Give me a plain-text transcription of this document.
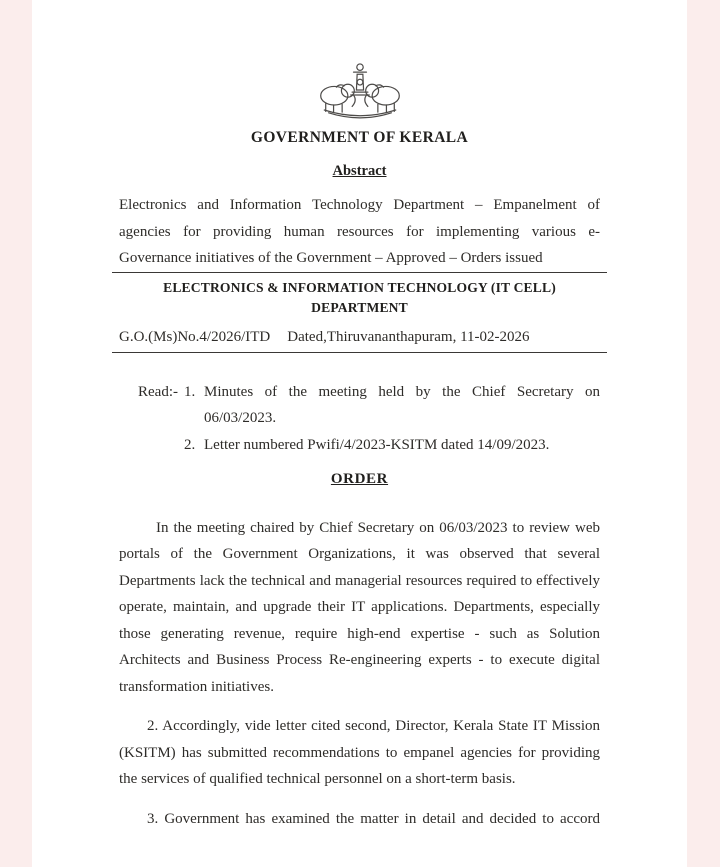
GOVERNMENT OF KERALA
Abstract

Electronics and Information Technology Department – Empanelment of agencies for providing human resources for implementing various e-Governance initiatives of the Government – Approved – Orders issued

ELECTRONICS & INFORMATION TECHNOLOGY (IT CELL) DEPARTMENT

G.O.(Ms)No.4/2026/ITD Dated,Thiruvananthapuram, 11-02-2026

Read:- 1. Minutes of the meeting held by the Chief Secretary on 06/03/2023.
2. Letter numbered Pwifi/4/2023-KSITM dated 14/09/2023.
ORDER

In the meeting chaired by Chief Secretary on 06/03/2023 to review web portals of the Government Organizations, it was observed that several Departments lack the technical and managerial resources required to effectively operate, maintain, and upgrade their IT applications. Departments, especially those generating revenue, require high-end expertise - such as Solution Architects and Business Process Re-engineering experts - to execute digital transformation initiatives.

2. Accordingly, vide letter cited second, Director, Kerala State IT Mission (KSITM) has submitted recommendations to empanel agencies for providing the services of qualified technical personnel on a short-term basis.

3. Government has examined the matter in detail and decided to accord
